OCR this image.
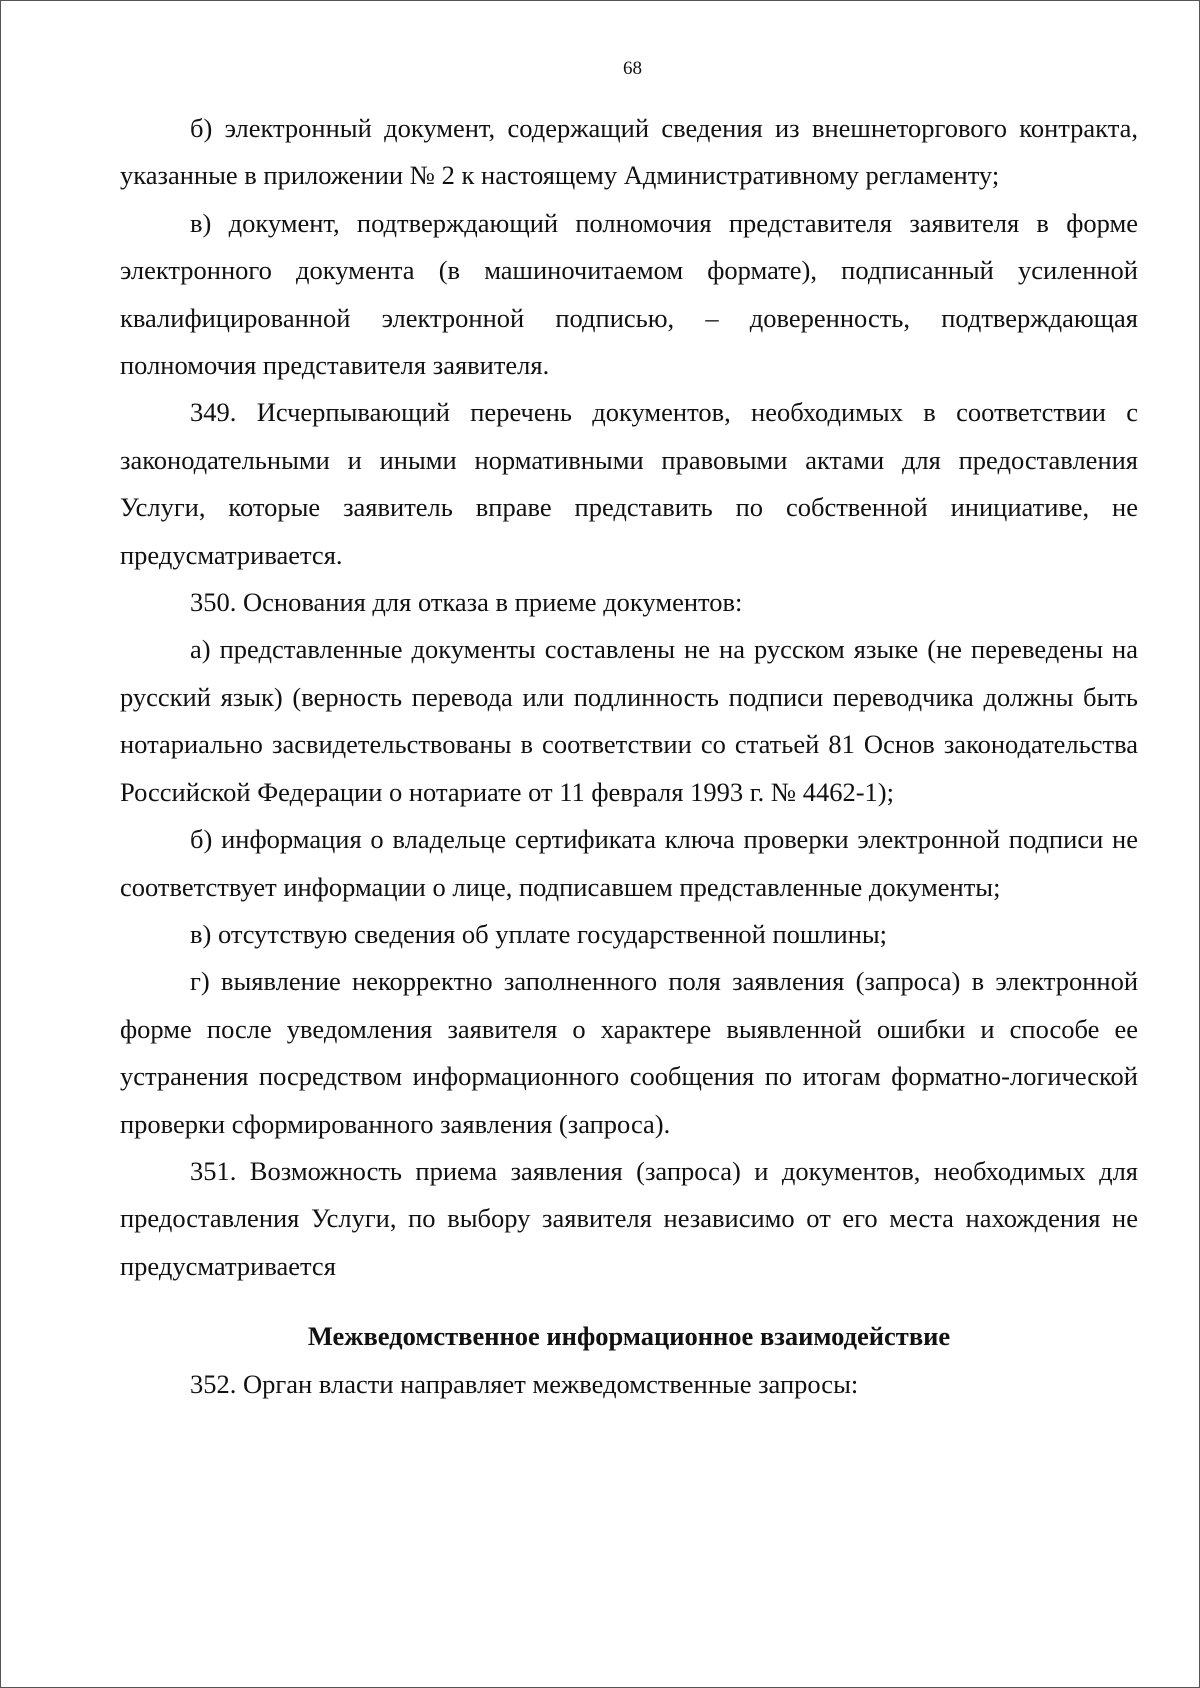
68

б) электронный документ, содержащий сведения из внешнеторгового контракта, указанные в приложении № 2 к настоящему Административному регламенту;

в) документ, подтверждающий полномочия представителя заявителя в форме электронного документа (в машиночитаемом формате), подписанный усиленной квалифицированной электронной подписью, – доверенность, подтверждающая полномочия представителя заявителя.

349. Исчерпывающий перечень документов, необходимых в соответствии с законодательными и иными нормативными правовыми актами для предоставления Услуги, которые заявитель вправе представить по собственной инициативе, не предусматривается.

350. Основания для отказа в приеме документов:

а) представленные документы составлены не на русском языке (не переведены на русский язык) (верность перевода или подлинность подписи переводчика должны быть нотариально засвидетельствованы в соответствии со статьей 81 Основ законодательства Российской Федерации о нотариате от 11 февраля 1993 г. № 4462-1);

б) информация о владельце сертификата ключа проверки электронной подписи не соответствует информации о лице, подписавшем представленные документы;

в) отсутствую сведения об уплате государственной пошлины;

г) выявление некорректно заполненного поля заявления (запроса) в электронной форме после уведомления заявителя о характере выявленной ошибки и способе ее устранения посредством информационного сообщения по итогам форматно-логической проверки сформированного заявления (запроса).

351. Возможность приема заявления (запроса) и документов, необходимых для предоставления Услуги, по выбору заявителя независимо от его места нахождения не предусматривается

Межведомственное информационное взаимодействие

352. Орган власти направляет межведомственные запросы:
